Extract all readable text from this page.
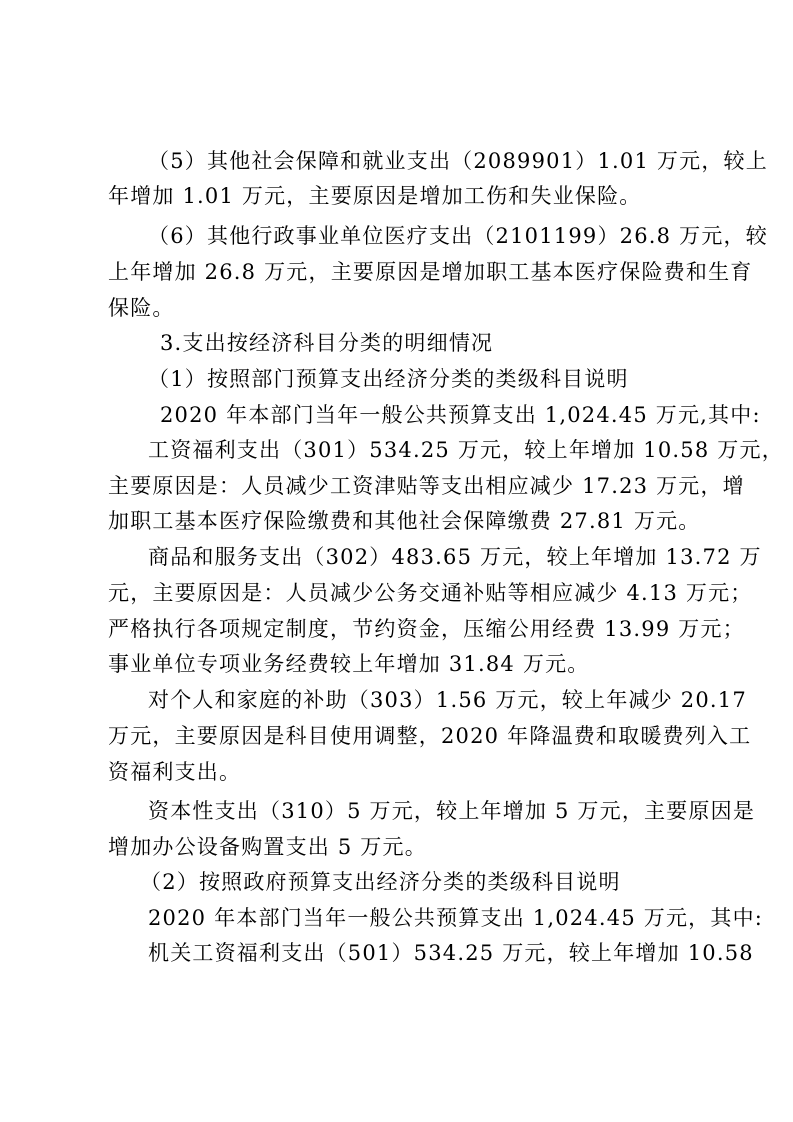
（5）其他社会保障和就业支出（2089901）1.01 万元，较上
年增加 1.01 万元，主要原因是增加工伤和失业保险。
（6）其他行政事业单位医疗支出（2101199）26.8 万元，较
上年增加 26.8 万元，主要原因是增加职工基本医疗保险费和生育
保险。
3.支出按经济科目分类的明细情况
（1）按照部门预算支出经济分类的类级科目说明
2020 年本部门当年一般公共预算支出 1,024.45 万元,其中:
工资福利支出（301）534.25 万元，较上年增加 10.58 万元，
主要原因是：人员减少工资津贴等支出相应减少 17.23 万元，增
加职工基本医疗保险缴费和其他社会保障缴费 27.81 万元。
商品和服务支出（302）483.65 万元，较上年增加 13.72 万
元，主要原因是：人员减少公务交通补贴等相应减少 4.13 万元；
严格执行各项规定制度，节约资金，压缩公用经费 13.99 万元；
事业单位专项业务经费较上年增加 31.84 万元。
对个人和家庭的补助（303）1.56 万元，较上年减少 20.17
万元，主要原因是科目使用调整，2020 年降温费和取暖费列入工
资福利支出。
资本性支出（310）5 万元，较上年增加 5 万元，主要原因是
增加办公设备购置支出 5 万元。
（2）按照政府预算支出经济分类的类级科目说明
2020 年本部门当年一般公共预算支出 1,024.45 万元，其中:
机关工资福利支出（501）534.25 万元，较上年增加 10.58
